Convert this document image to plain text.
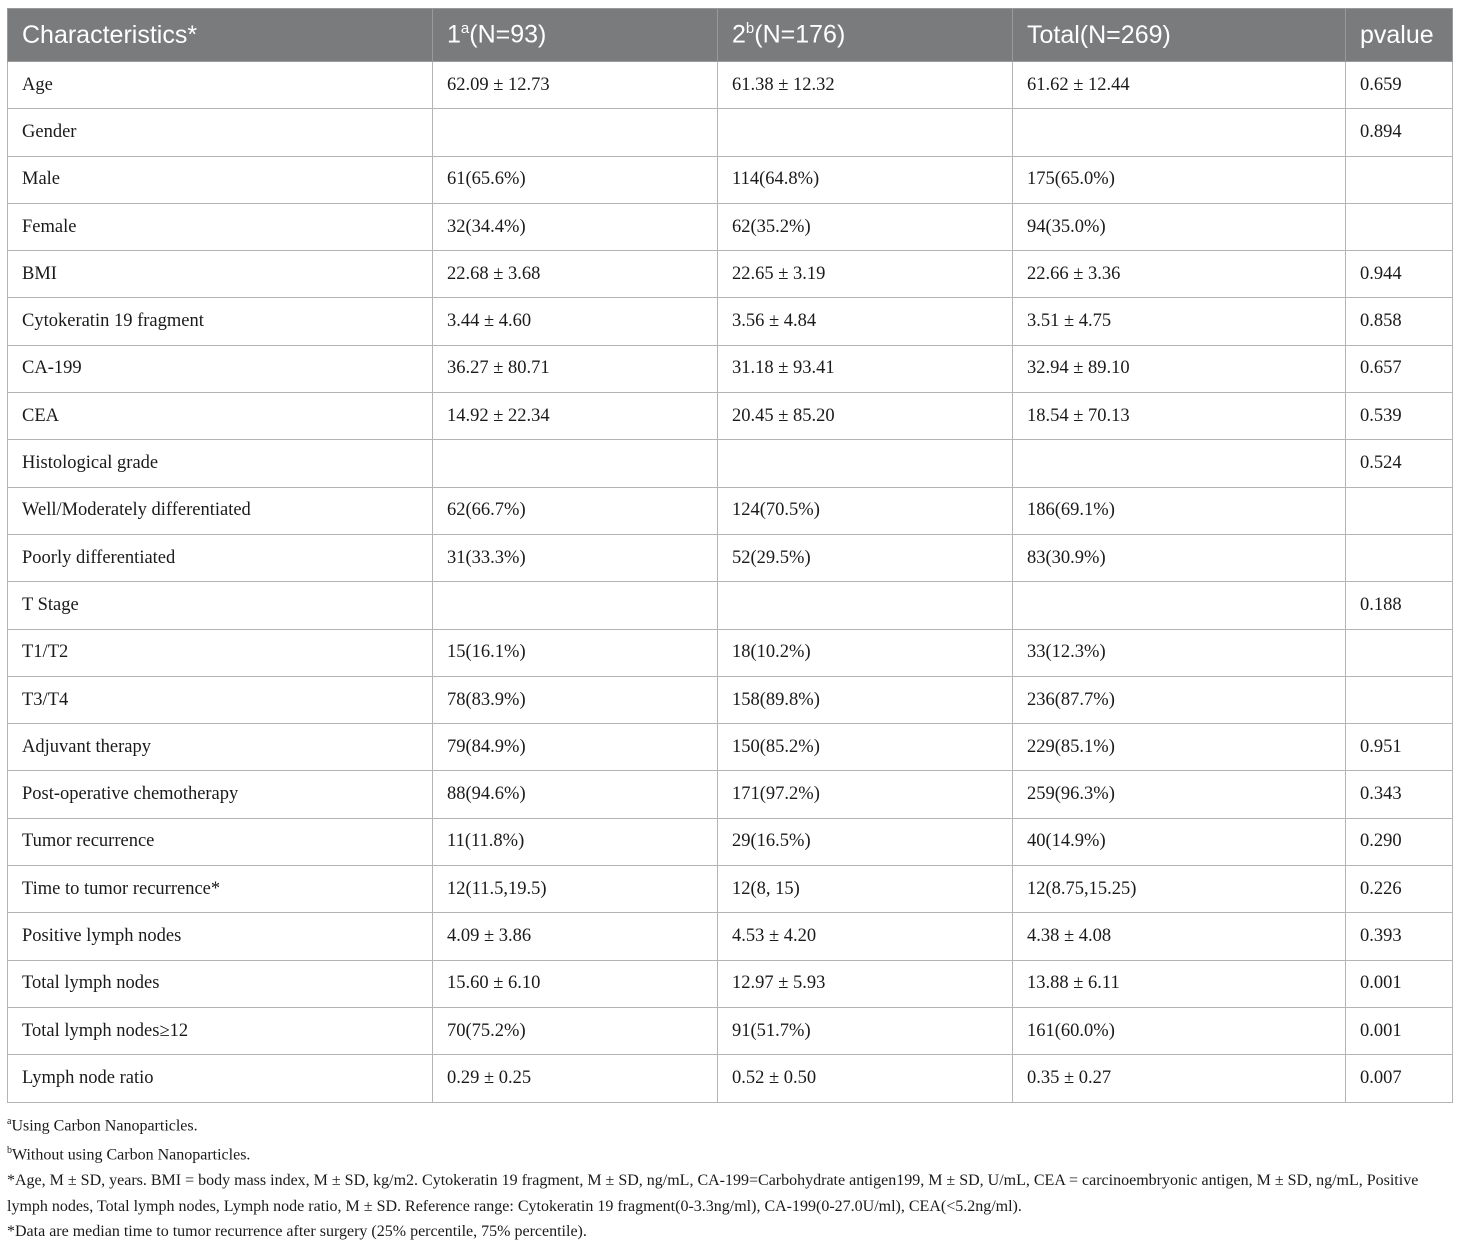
Characteristics*	$1^a(N=93)$	$2^b(N=176)$	Total(N=269)	pvalue
Age	62.09 ± 12.73	61.38 ± 12.32	61.62 ± 12.44	0.659
Gender				0.894
Male	61(65.6%)	114(64.8%)	175(65.0%)	
Female	32(34.4%)	62(35.2%)	94(35.0%)	
BMI	22.68 ± 3.68	22.65 ± 3.19	22.66 ± 3.36	0.944
Cytokeratin 19 fragment	3.44 ± 4.60	3.56 ± 4.84	3.51 ± 4.75	0.858
CA-199	36.27 ± 80.71	31.18 ± 93.41	32.94 ± 89.10	0.657
CEA	14.92 ± 22.34	20.45 ± 85.20	18.54 ± 70.13	0.539
Histological grade				0.524
Well/Moderately differentiated	62(66.7%)	124(70.5%)	186(69.1%)	
Poorly differentiated	31(33.3%)	52(29.5%)	83(30.9%)	
T Stage				0.188
T1/T2	15(16.1%)	18(10.2%)	33(12.3%)	
T3/T4	78(83.9%)	158(89.8%)	236(87.7%)	
Adjuvant therapy	79(84.9%)	150(85.2%)	229(85.1%)	0.951
Post-operative chemotherapy	88(94.6%)	171(97.2%)	259(96.3%)	0.343
Tumor recurrence	11(11.8%)	29(16.5%)	40(14.9%)	0.290
Time to tumor recurrence*	12(11.5,19.5)	12(8, 15)	12(8.75,15.25)	0.226
Positive lymph nodes	4.09 ± 3.86	4.53 ± 4.20	4.38 ± 4.08	0.393
Total lymph nodes	15.60 ± 6.10	12.97 ± 5.93	13.88 ± 6.11	0.001
Total lymph nodes≥12	70(75.2%)	91(51.7%)	161(60.0%)	0.001
Lymph node ratio	0.29 ± 0.25	0.52 ± 0.50	0.35 ± 0.27	0.007
$^a$Using Carbon Nanoparticles.
$^b$Without using Carbon Nanoparticles.
*Age, M ± SD, years. BMI = body mass index, M ± SD, kg/m2. Cytokeratin 19 fragment, M ± SD, ng/mL, CA-199=Carbohydrate antigen199, M ± SD, U/mL, CEA = carcinoembryonic antigen, M ± SD, ng/mL, Positive lymph nodes, Total lymph nodes, Lymph node ratio, M ± SD. Reference range: Cytokeratin 19 fragment(0-3.3ng/ml), CA-199(0-27.0U/ml), CEA(<5.2ng/ml).
*Data are median time to tumor recurrence after surgery (25% percentile, 75% percentile).
